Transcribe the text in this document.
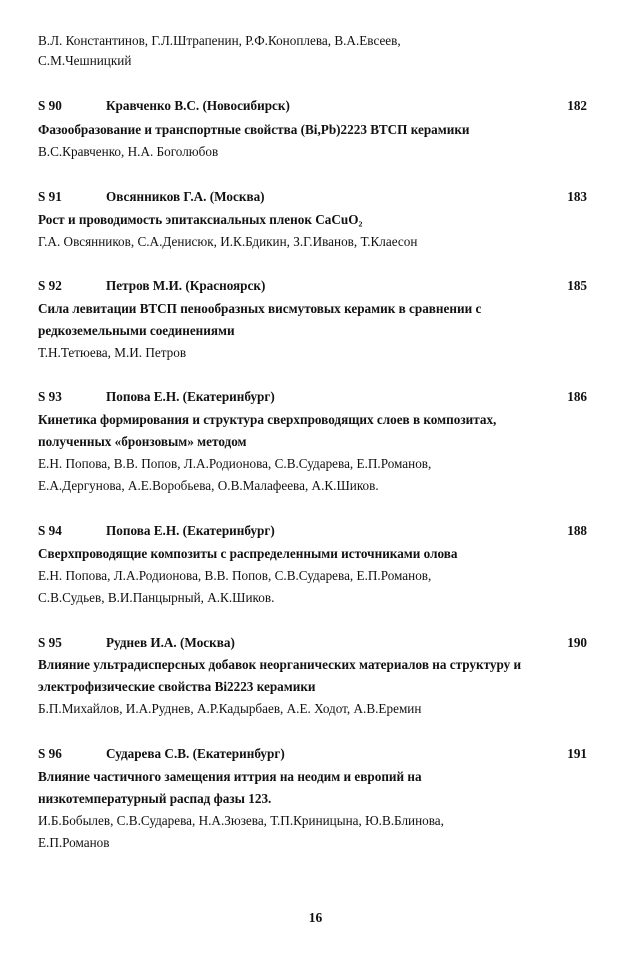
В.Л. Константинов, Г.Л.Штрапенин, Р.Ф.Коноплева, В.А.Евсеев,
С.М.Чешницкий
S 90	Кравченко В.С. (Новосибирск)	182
Фазообразование и транспортные свойства (Bi,Pb)2223 ВТСП керамики
В.С.Кравченко, Н.А. Боголюбов
S 91	Овсянников Г.А. (Москва)	183
Рост и проводимость эпитаксиальных пленок CaCuO₂
Г.А. Овсянников, С.А.Денисюк, И.К.Бдикин, З.Г.Иванов, Т.Клаесон
S 92	Петров М.И. (Красноярск)	185
Сила левитации ВТСП пенообразных висмутовых керамик в сравнении с
редкоземельными соединениями
Т.Н.Тетюева, М.И. Петров
S 93	Попова Е.Н. (Екатеринбург)	186
Кинетика формирования и структура сверхпроводящих слоев в композитах,
полученных «бронзовым» методом
Е.Н. Попова, В.В. Попов, Л.А.Родионова, С.В.Сударева, Е.П.Романов,
Е.А.Дергунова, А.Е.Воробьева, О.В.Малафеева, А.К.Шиков.
S 94	Попова Е.Н. (Екатеринбург)	188
Сверхпроводящие композиты с распределенными источниками олова
Е.Н. Попова, Л.А.Родионова, В.В. Попов, С.В.Сударева, Е.П.Романов,
С.В.Судьев, В.И.Панцырный, А.К.Шиков.
S 95	Руднев И.А. (Москва)	190
Влияние ультрадисперсных добавок неорганических материалов на структуру и
электрофизические свойства Bi2223 керамики
Б.П.Михайлов, И.А.Руднев, А.Р.Кадырбаев, А.Е. Ходот, А.В.Еремин
S 96	Сударева С.В. (Екатеринбург)	191
Влияние частичного замещения иттрия на неодим и европий на
низкотемпературный распад фазы 123.
И.Б.Бобылев, С.В.Сударева, Н.А.Зюзева, Т.П.Криницына, Ю.В.Блинова,
Е.П.Романов
16
